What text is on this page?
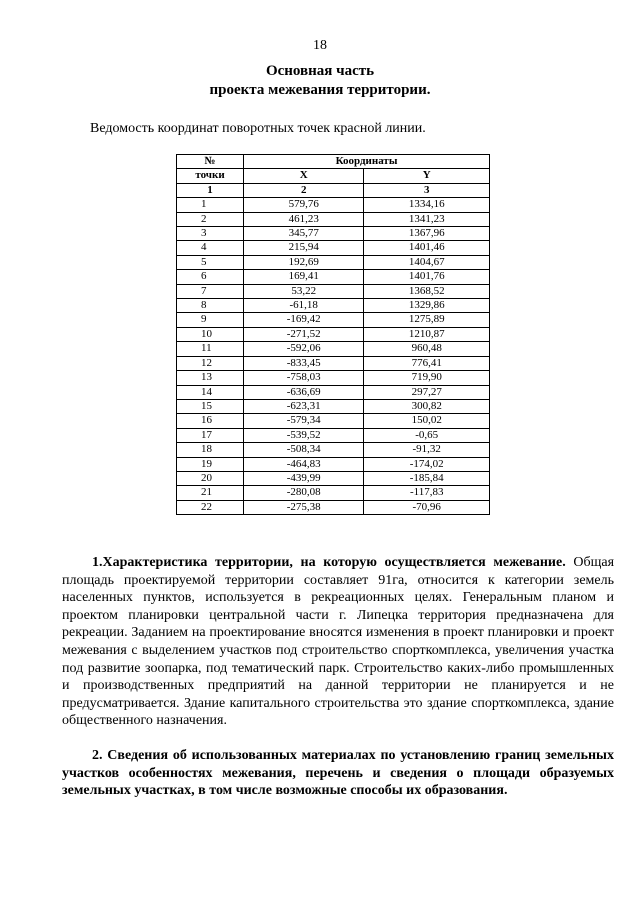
18
Основная часть
проекта межевания территории.
Ведомость координат поворотных точек красной линии.
№	Координаты	
точки	X	Y
1	2	3
1	579,76	1334,16
2	461,23	1341,23
3	345,77	1367,96
4	215,94	1401,46
5	192,69	1404,67
6	169,41	1401,76
7	53,22	1368,52
8	-61,18	1329,86
9	-169,42	1275,89
10	-271,52	1210,87
11	-592,06	960,48
12	-833,45	776,41
13	-758,03	719,90
14	-636,69	297,27
15	-623,31	300,82
16	-579,34	150,02
17	-539,52	-0,65
18	-508,34	-91,32
19	-464,83	-174,02
20	-439,99	-185,84
21	-280,08	-117,83
22	-275,38	-70,96
1.Характеристика территории, на которую осуществляется межевание. Общая площадь проектируемой территории составляет 91га, относится к категории земель населенных пунктов, используется в рекреационных целях. Генеральным планом и проектом планировки центральной части г. Липецка территория предназначена для рекреации. Заданием на проектирование вносятся изменения в проект планировки и проект межевания с выделением участков под строительство спорткомплекса, увеличения участка под развитие зоопарка, под тематический парк. Строительство каких-либо промышленных и производственных предприятий на данной территории не планируется и не предусматривается. Здание капитального строительства это здание спорткомплекса, здание общественного назначения.
2. Сведения об использованных материалах по установлению границ земельных участков особенностях межевания, перечень и сведения о площади образуемых земельных участках, в том числе возможные способы их образования.
